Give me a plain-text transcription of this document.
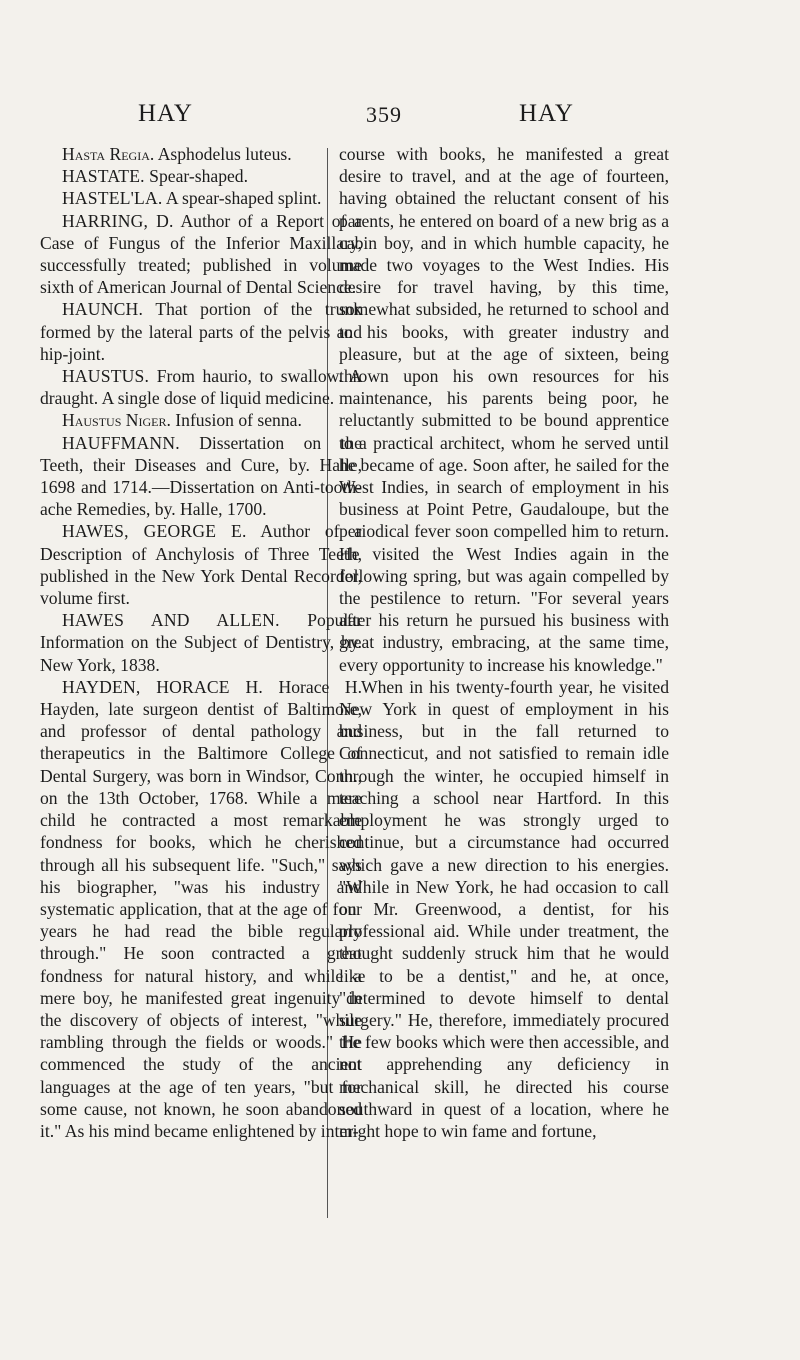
HAY	359	HAY

Hasta Regia. Asphodelus luteus.

HASTATE. Spear-shaped.

HASTEL'LA. A spear-shaped splint.

HARRING, D. Author of a Report of a Case of Fungus of the Inferior Maxillary, successfully treated; published in volume sixth of American Journal of Dental Science.

HAUNCH. That portion of the trunk formed by the lateral parts of the pelvis and hip-joint.

HAUSTUS. From haurio, to swallow. A draught. A single dose of liquid medicine.

Haustus Niger. Infusion of senna.

HAUFFMANN. Dissertation on the Teeth, their Diseases and Cure, by. Halle, 1698 and 1714.—Dissertation on Anti-tooth-ache Remedies, by. Halle, 1700.

HAWES, GEORGE E. Author of a Description of Anchylosis of Three Teeth, published in the New York Dental Recorder, volume first.

HAWES AND ALLEN. Popular Information on the Subject of Dentistry, by. New York, 1838.

HAYDEN, HORACE H. Horace H. Hayden, late surgeon dentist of Baltimore, and professor of dental pathology and therapeutics in the Baltimore College of Dental Surgery, was born in Windsor, Conn., on the 13th October, 1768. While a mere child he contracted a most remarkable fondness for books, which he cherished through all his subsequent life. "Such," says his biographer, "was his industry and systematic application, that at the age of four years he had read the bible regularly through." He soon contracted a great fondness for natural history, and while a mere boy, he manifested great ingenuity in the discovery of objects of interest, "while rambling through the fields or woods." He commenced the study of the ancient languages at the age of ten years, "but for some cause, not known, he soon abandoned it." As his mind became enlightened by inter-

course with books, he manifested a great desire to travel, and at the age of fourteen, having obtained the reluctant consent of his parents, he entered on board of a new brig as a cabin boy, and in which humble capacity, he made two voyages to the West Indies. His desire for travel having, by this time, somewhat subsided, he returned to school and to his books, with greater industry and pleasure, but at the age of sixteen, being thrown upon his own resources for his maintenance, his parents being poor, he reluctantly submitted to be bound apprentice to a practical architect, whom he served until he became of age. Soon after, he sailed for the West Indies, in search of employment in his business at Point Petre, Gaudaloupe, but the periodical fever soon compelled him to return. He visited the West Indies again in the following spring, but was again compelled by the pestilence to return. "For several years after his return he pursued his business with great industry, embracing, at the same time, every opportunity to increase his knowledge."

When in his twenty-fourth year, he visited New York in quest of employment in his business, but in the fall returned to Connecticut, and not satisfied to remain idle through the winter, he occupied himself in teaching a school near Hartford. In this employment he was strongly urged to continue, but a circumstance had occurred which gave a new direction to his energies. "While in New York, he had occasion to call on Mr. Greenwood, a dentist, for his professional aid. While under treatment, the thought suddenly struck him that he would like to be a dentist," and he, at once, "determined to devote himself to dental surgery." He, therefore, immediately procured the few books which were then accessible, and not apprehending any deficiency in mechanical skill, he directed his course southward in quest of a location, where he might hope to win fame and fortune,
